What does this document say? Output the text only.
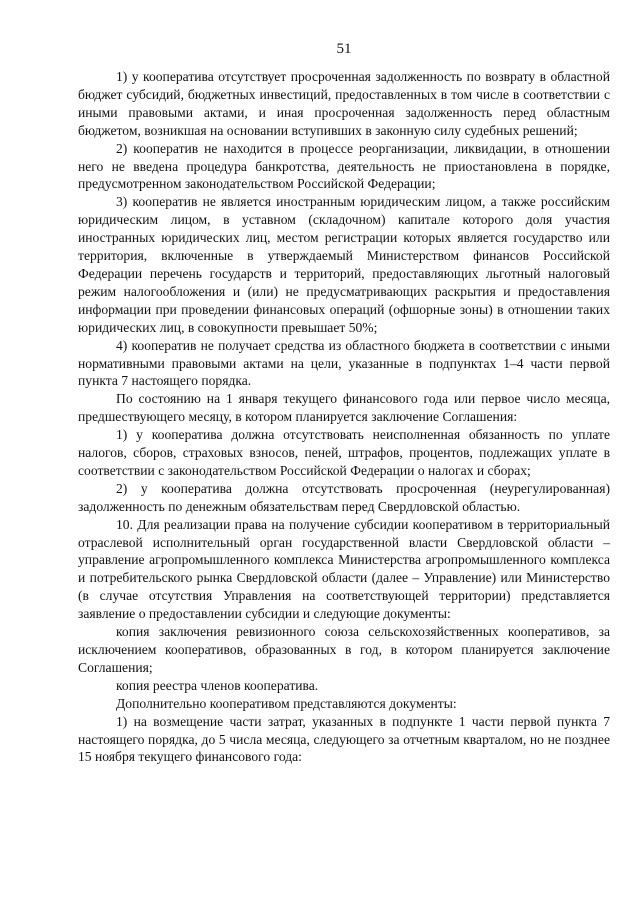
51

1) у кооператива отсутствует просроченная задолженность по возврату в областной бюджет субсидий, бюджетных инвестиций, предоставленных в том числе в соответствии с иными правовыми актами, и иная просроченная задолженность перед областным бюджетом, возникшая на основании вступивших в законную силу судебных решений;

2) кооператив не находится в процессе реорганизации, ликвидации, в отношении него не введена процедура банкротства, деятельность не приостановлена в порядке, предусмотренном законодательством Российской Федерации;

3) кооператив не является иностранным юридическим лицом, а также российским юридическим лицом, в уставном (складочном) капитале которого доля участия иностранных юридических лиц, местом регистрации которых является государство или территория, включенные в утверждаемый Министерством финансов Российской Федерации перечень государств и территорий, предоставляющих льготный налоговый режим налогообложения и (или) не предусматривающих раскрытия и предоставления информации при проведении финансовых операций (офшорные зоны) в отношении таких юридических лиц, в совокупности превышает 50%;

4) кооператив не получает средства из областного бюджета в соответствии с иными нормативными правовыми актами на цели, указанные в подпунктах 1–4 части первой пункта 7 настоящего порядка.

По состоянию на 1 января текущего финансового года или первое число месяца, предшествующего месяцу, в котором планируется заключение Соглашения:

1) у кооператива должна отсутствовать неисполненная обязанность по уплате налогов, сборов, страховых взносов, пеней, штрафов, процентов, подлежащих уплате в соответствии с законодательством Российской Федерации о налогах и сборах;

2) у кооператива должна отсутствовать просроченная (неурегулированная) задолженность по денежным обязательствам перед Свердловской областью.

10. Для реализации права на получение субсидии кооперативом в территориальный отраслевой исполнительный орган государственной власти Свердловской области – управление агропромышленного комплекса Министерства агропромышленного комплекса и потребительского рынка Свердловской области (далее – Управление) или Министерство (в случае отсутствия Управления на соответствующей территории) представляется заявление о предоставлении субсидии и следующие документы:

копия заключения ревизионного союза сельскохозяйственных кооперативов, за исключением кооперативов, образованных в год, в котором планируется заключение Соглашения;

копия реестра членов кооператива.

Дополнительно кооперативом представляются документы:

1) на возмещение части затрат, указанных в подпункте 1 части первой пункта 7 настоящего порядка, до 5 числа месяца, следующего за отчетным кварталом, но не позднее 15 ноября текущего финансового года:
